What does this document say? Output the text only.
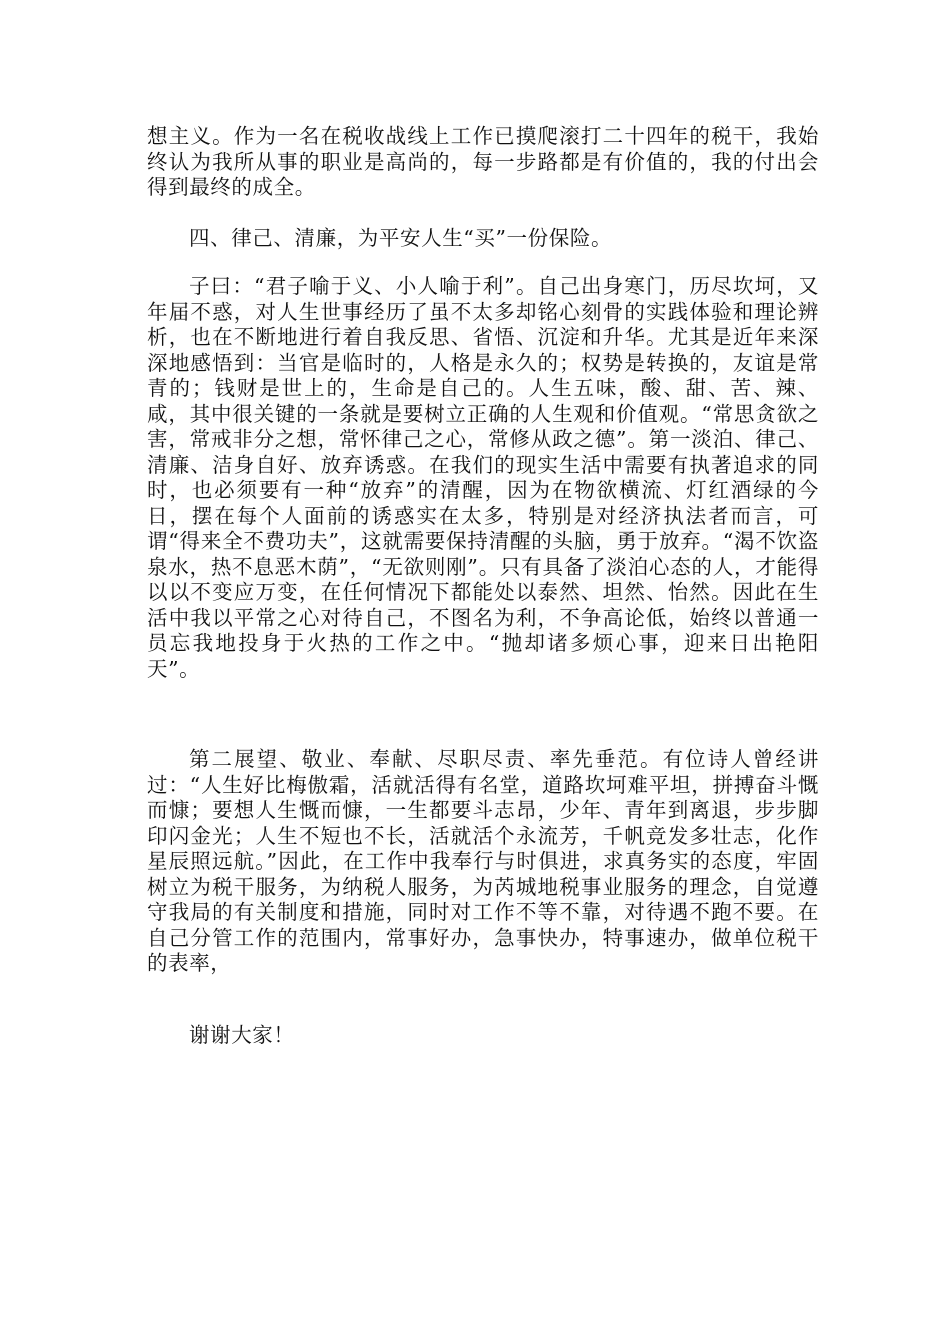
想主义。作为一名在税收战线上工作已摸爬滚打二十四年的税干，我始终认为我所从事的职业是高尚的，每一步路都是有价值的，我的付出会得到最终的成全。

四、律己、清廉，为平安人生“买”一份保险。

子曰：“君子喻于义、小人喻于利”。自己出身寒门，历尽坎坷，又年届不惑，对人生世事经历了虽不太多却铭心刻骨的实践体验和理论辨析，也在不断地进行着自我反思、省悟、沉淀和升华。尤其是近年来深深地感悟到：当官是临时的，人格是永久的；权势是转换的，友谊是常青的；钱财是世上的，生命是自己的。人生五味，酸、甜、苦、辣、咸，其中很关键的一条就是要树立正确的人生观和价值观。“常思贪欲之害，常戒非分之想，常怀律己之心，常修从政之德”。第一淡泊、律己、清廉、洁身自好、放弃诱惑。在我们的现实生活中需要有执著追求的同时，也必须要有一种“放弃”的清醒，因为在物欲横流、灯红酒绿的今日，摆在每个人面前的诱惑实在太多，特别是对经济执法者而言，可谓“得来全不费功夫”，这就需要保持清醒的头脑，勇于放弃。“渴不饮盗泉水，热不息恶木荫”，“无欲则刚”。只有具备了淡泊心态的人，才能得以以不变应万变，在任何情况下都能处以泰然、坦然、怡然。因此在生活中我以平常之心对待自己，不图名为利，不争高论低，始终以普通一员忘我地投身于火热的工作之中。“抛却诸多烦心事，迎来日出艳阳天”。

第二展望、敬业、奉献、尽职尽责、率先垂范。有位诗人曾经讲过：“人生好比梅傲霜，活就活得有名堂，道路坎坷难平坦，拼搏奋斗慨而慷；要想人生慨而慷，一生都要斗志昂，少年、青年到离退，步步脚印闪金光；人生不短也不长，活就活个永流芳，千帆竞发多壮志，化作星辰照远航。”因此，在工作中我奉行与时俱进，求真务实的态度，牢固树立为税干服务，为纳税人服务，为芮城地税事业服务的理念，自觉遵守我局的有关制度和措施，同时对工作不等不靠，对待遇不跑不要。在自己分管工作的范围内，常事好办，急事快办，特事速办，做单位税干的表率，

谢谢大家！
